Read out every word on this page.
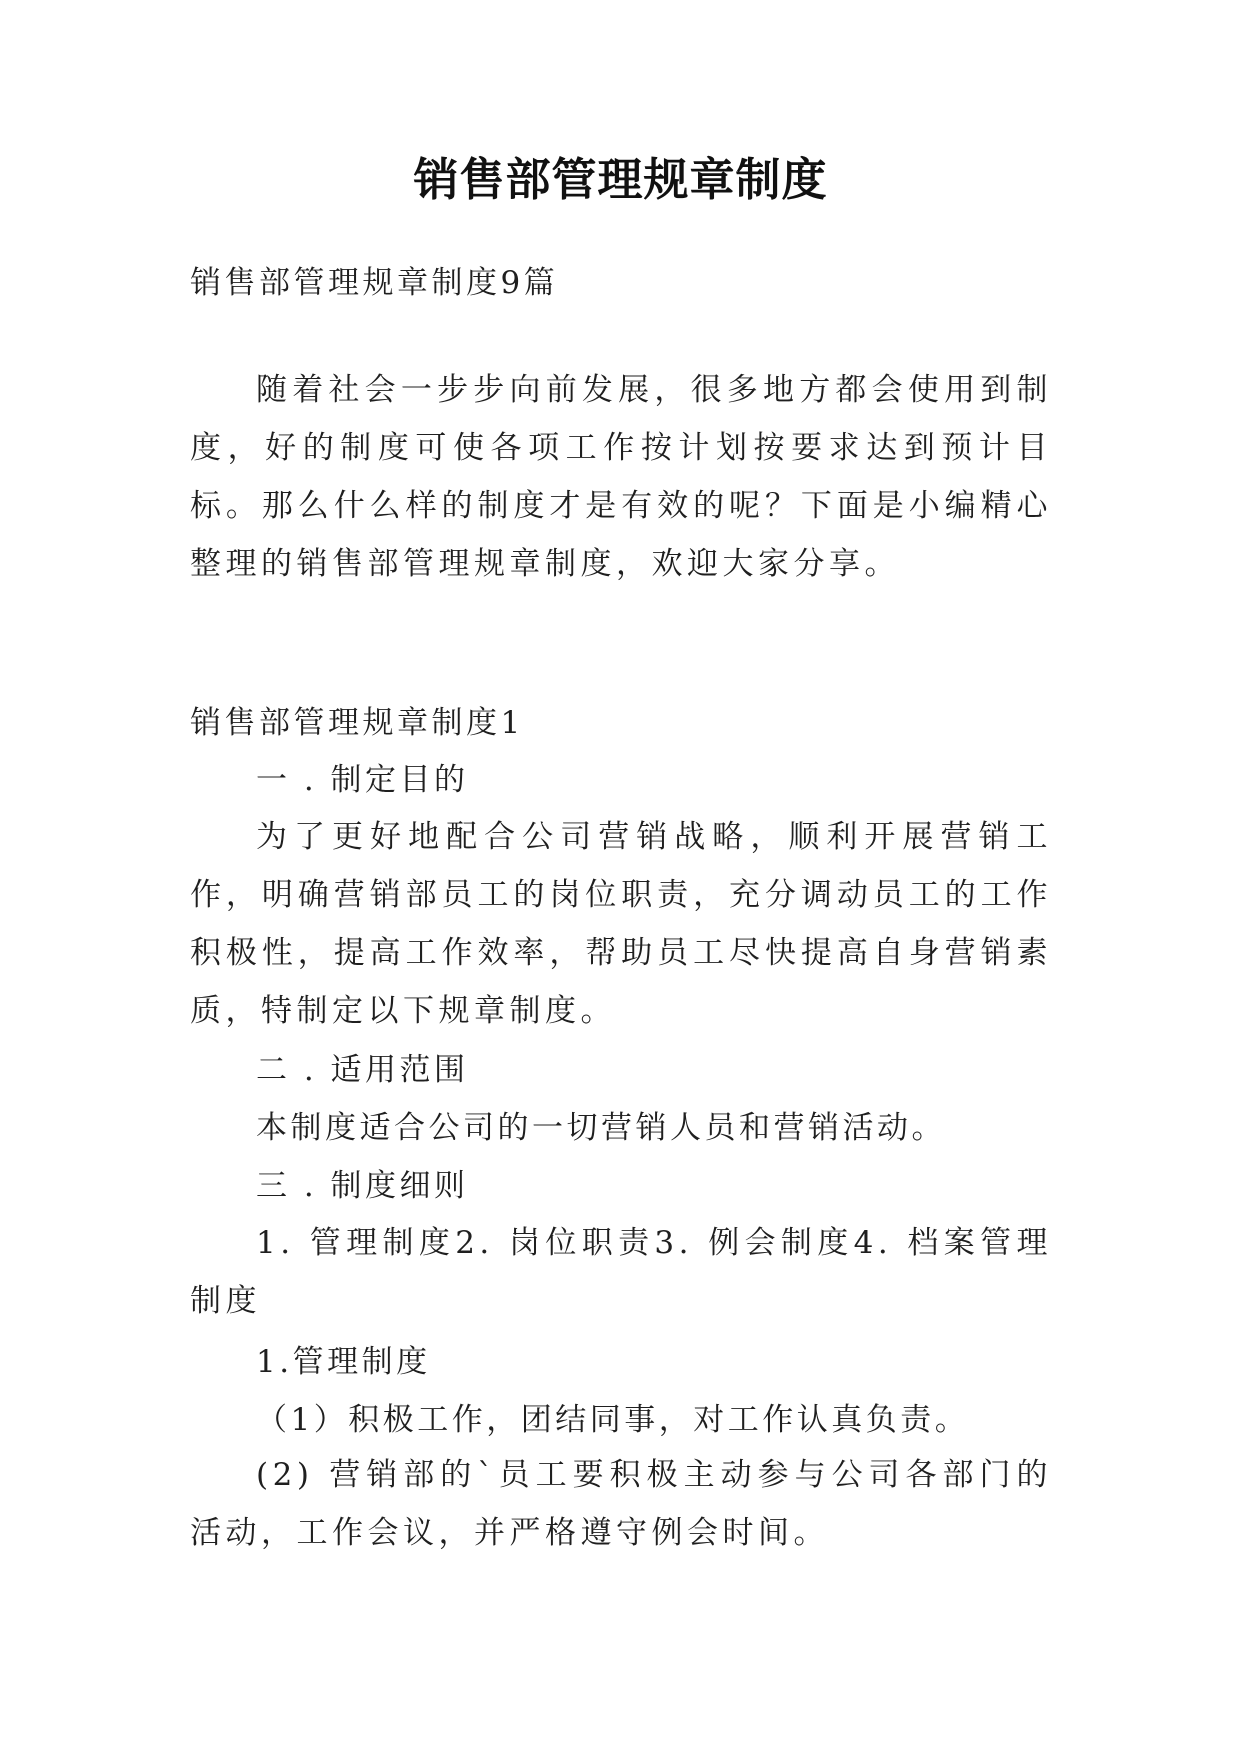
销售部管理规章制度
销售部管理规章制度9篇
随着社会一步步向前发展，很多地方都会使用到制度，好的制度可使各项工作按计划按要求达到预计目标。那么什么样的制度才是有效的呢？下面是小编精心整理的销售部管理规章制度，欢迎大家分享。
销售部管理规章制度1
一 . 制定目的
为了更好地配合公司营销战略，顺利开展营销工作，明确营销部员工的岗位职责，充分调动员工的工作积极性，提高工作效率，帮助员工尽快提高自身营销素质，特制定以下规章制度。
二 . 适用范围
本制度适合公司的一切营销人员和营销活动。
三 . 制度细则
1. 管理制度2. 岗位职责3. 例会制度4. 档案管理制度
1.管理制度
（1）积极工作，团结同事，对工作认真负责。
(2) 营销部的`员工要积极主动参与公司各部门的活动，工作会议，并严格遵守例会时间。
